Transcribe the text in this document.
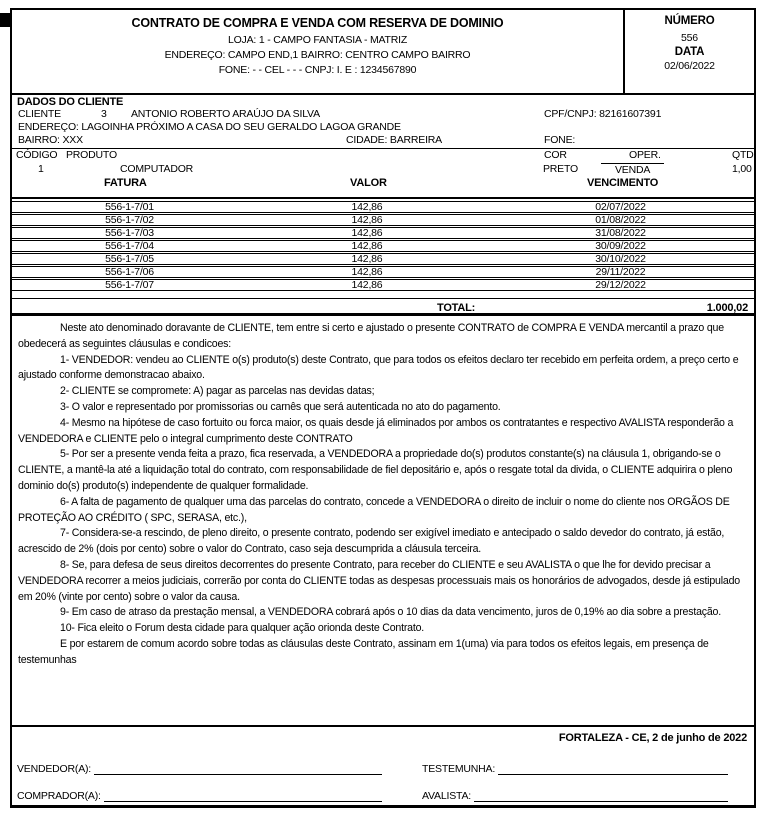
CONTRATO DE COMPRA E VENDA COM RESERVA DE DOMINIO
LOJA: 1 - CAMPO FANTASIA - MATRIZ
ENDEREÇO: CAMPO END,1 BAIRRO: CENTRO CAMPO BAIRRO
FONE: - - CEL - - - CNPJ: I. E : 1234567890
NÚMERO
556
DATA
02/06/2022
DADOS DO CLIENTE
CLIENTE	3 ANTONIO ROBERTO ARAÚJO DA SILVA	CPF/CNPJ: 82161607391
ENDEREÇO: LAGOINHA PRÓXIMO A CASA DO SEU GERALDO LAGOA GRANDE
BAIRRO: XXX	CIDADE: BARREIRA	FONE:
CÓDIGO PRODUTO	COR	OPER.	QTD
1	COMPUTADOR	PRETO	VENDA	1,00
FATURA	VALOR	VENCIMENTO
556-1-7/01	142,86	02/07/2022
556-1-7/02	142,86	01/08/2022
556-1-7/03	142,86	31/08/2022
556-1-7/04	142,86	30/09/2022
556-1-7/05	142,86	30/10/2022
556-1-7/06	142,86	29/11/2022
556-1-7/07	142,86	29/12/2022
TOTAL:	1.000,02

Neste ato denominado doravante de CLIENTE, tem entre si certo e ajustado o presente CONTRATO de COMPRA E VENDA mercantil a prazo que obedecerá as seguintes cláusulas e condicoes:

1- VENDEDOR: vendeu ao CLIENTE o(s) produto(s) deste Contrato, que para todos os efeitos declaro ter recebido em perfeita ordem, a preço certo e ajustado conforme demonstracao abaixo.

2- CLIENTE se compromete: A) pagar as parcelas nas devidas datas;

3- O valor e representado por promissorias ou carnês que será autenticada no ato do pagamento.

4- Mesmo na hipótese de caso fortuito ou forca maior, os quais desde já eliminados por ambos os contratantes e respectivo AVALISTA responderão a VENDEDORA e CLIENTE pelo o integral cumprimento deste CONTRATO

5- Por ser a presente venda feita a prazo, fica reservada, a VENDEDORA a propriedade do(s) produtos constante(s) na cláusula 1, obrigando-se o CLIENTE, a mantê-la até a liquidação total do contrato, com responsabilidade de fiel depositário e, após o resgate total da divida, o CLIENTE adquirira o pleno dominio do(s) produto(s) independente de qualquer formalidade.

6- A falta de pagamento de qualquer uma das parcelas do contrato, concede a VENDEDORA o direito de incluir o nome do cliente nos ORGÃOS DE PROTEÇÃO AO CRÉDITO ( SPC, SERASA, etc.),

7- Considera-se-a rescindo, de pleno direito, o presente contrato, podendo ser exigível imediato e antecipado o saldo devedor do contrato, já estão, acrescido de 2% (dois por cento) sobre o valor do Contrato, caso seja descumprida a cláusula terceira.

8- Se, para defesa de seus direitos decorrentes do presente Contrato, para receber do CLIENTE e seu AVALISTA o que lhe for devido precisar a VENDEDORA recorrer a meios judiciais, correrão por conta do CLIENTE todas as despesas processuais mais os honorários de advogados, desde já estipulado em 20% (vinte por cento) sobre o valor da causa.

9- Em caso de atraso da prestação mensal, a VENDEDORA cobrará após o 10 dias da data vencimento, juros de 0,19% ao dia sobre a prestação.

10- Fica eleito o Forum desta cidade para qualquer ação orionda deste Contrato.

E por estarem de comum acordo sobre todas as cláusulas deste Contrato, assinam em 1(uma) via para todos os efeitos legais, em presença de testemunhas

FORTALEZA - CE, 2 de junho de 2022
VENDEDOR(A):	TESTEMUNHA:
COMPRADOR(A):	AVALISTA:
